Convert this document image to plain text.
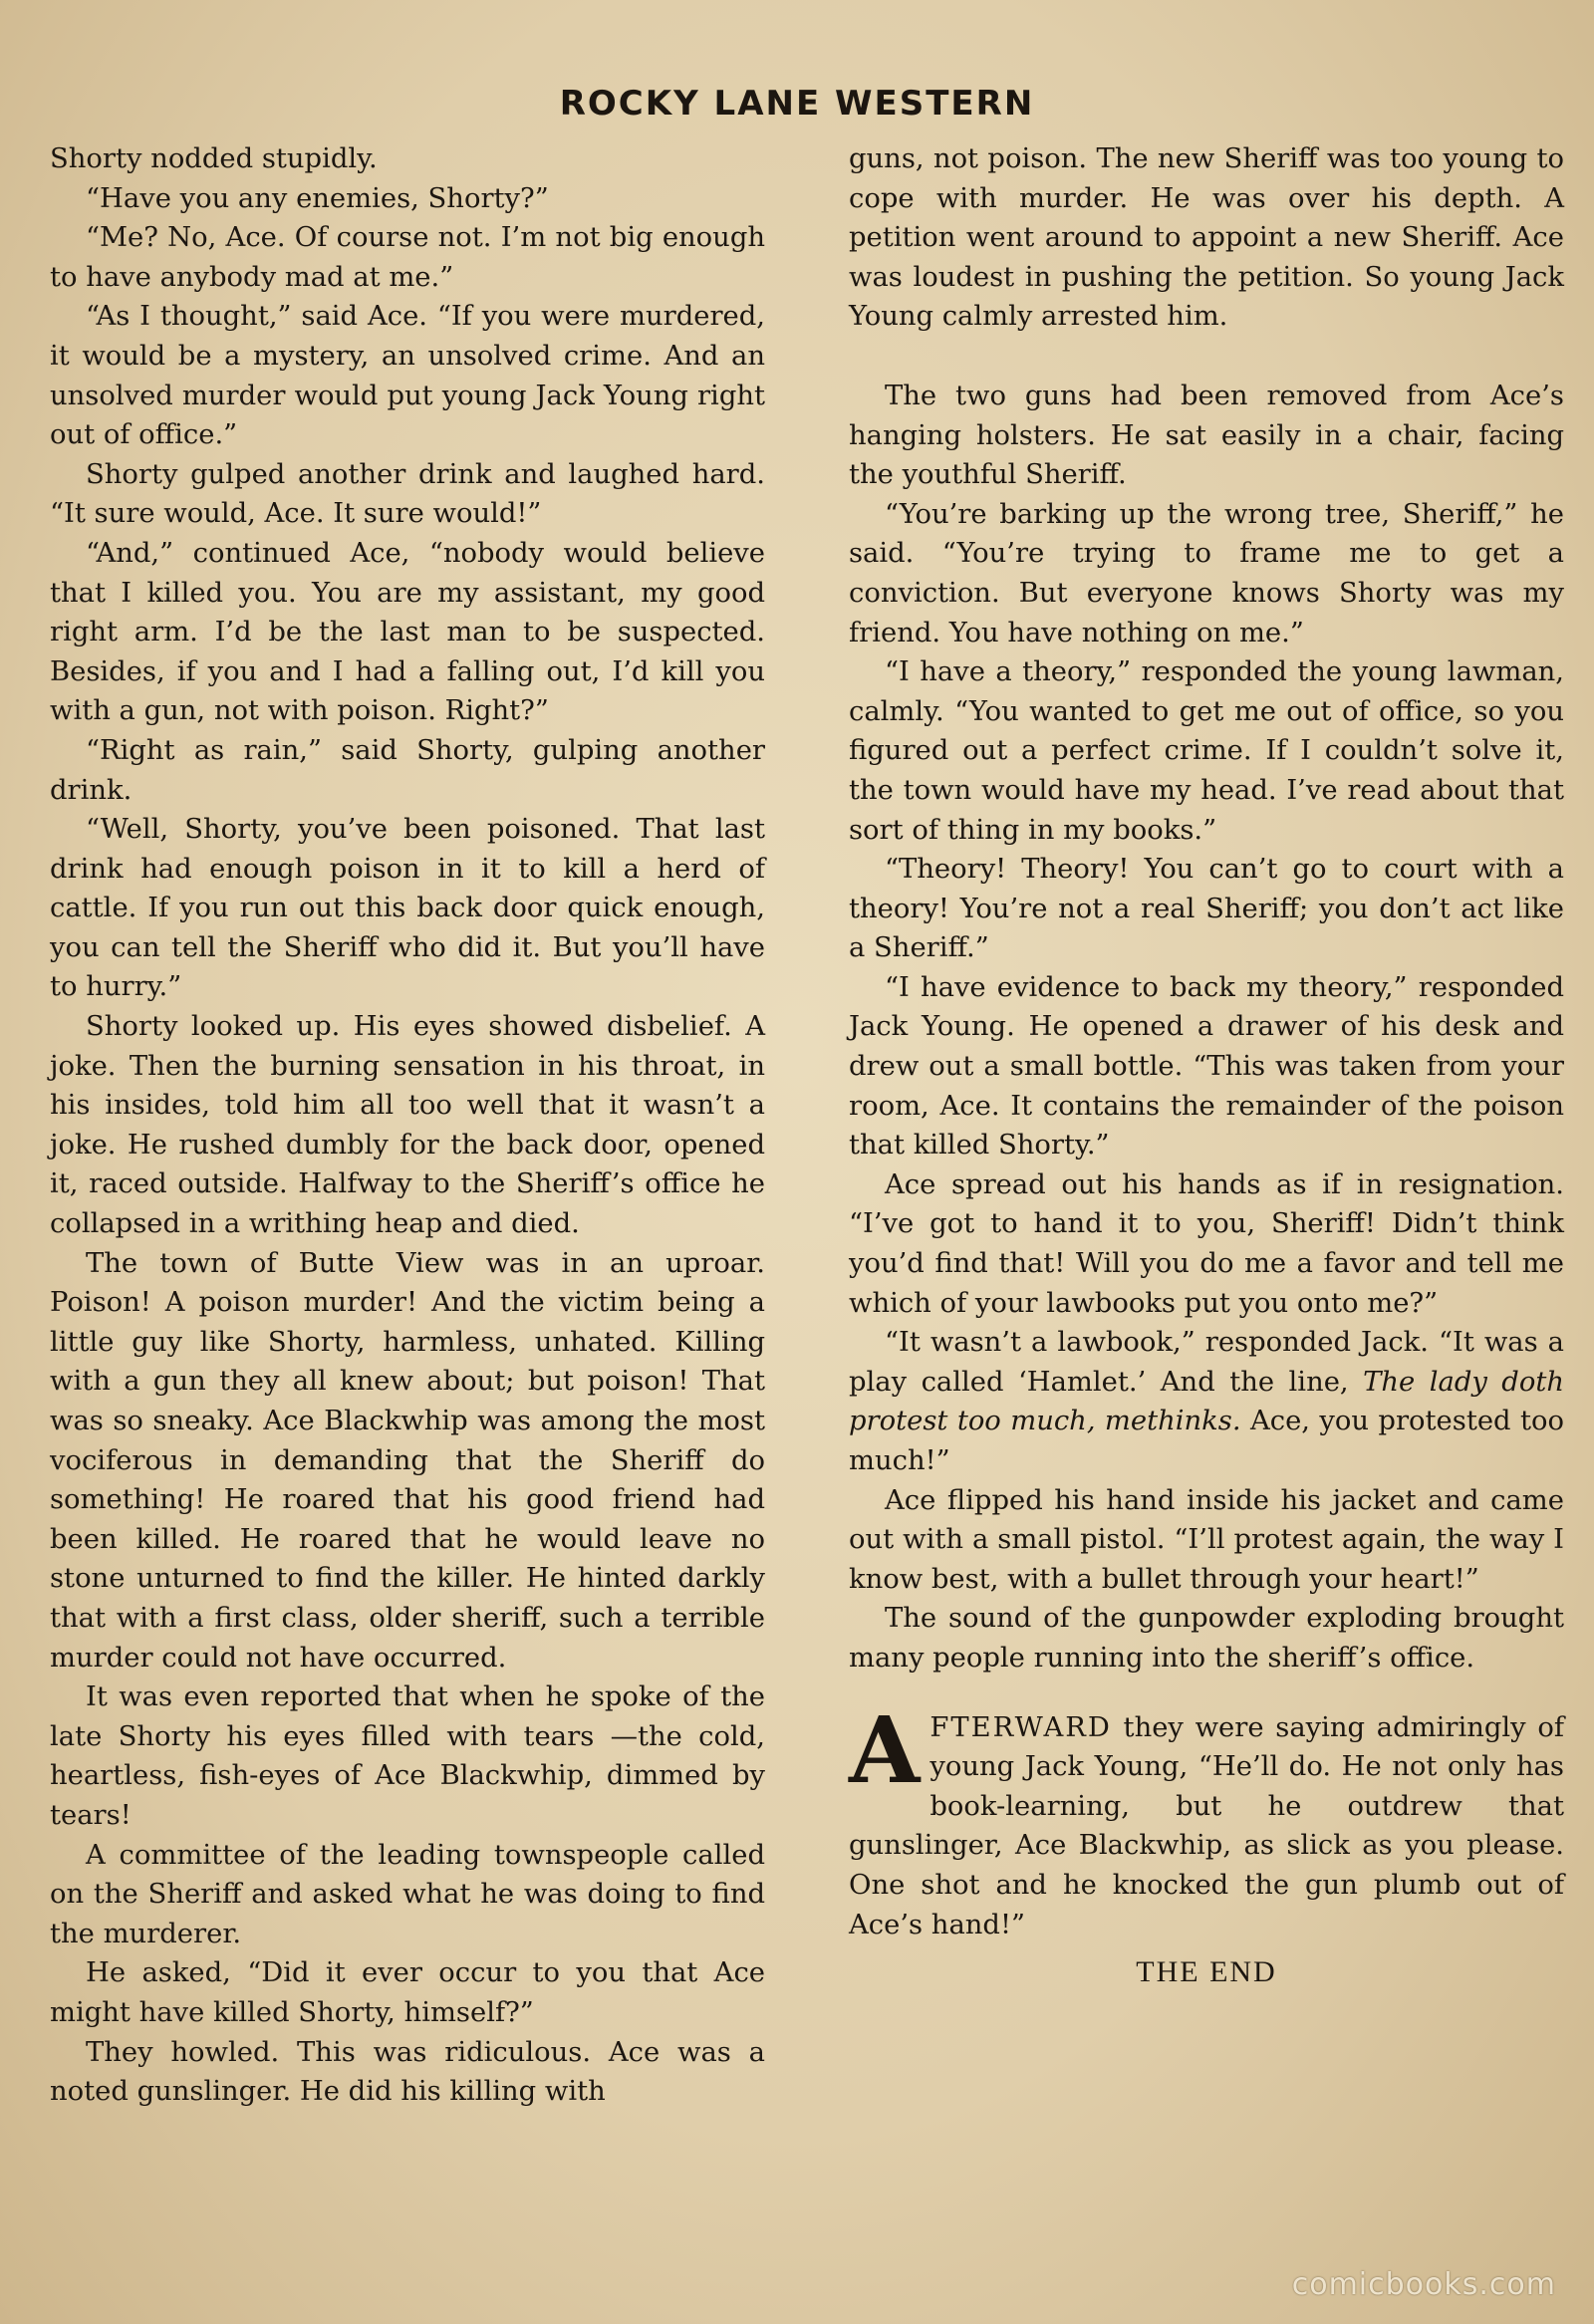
ROCKY LANE WESTERN

Shorty nodded stupidly.

“Have you any enemies, Shorty?”

“Me? No, Ace. Of course not. I’m not big enough to have anybody mad at me.”

“As I thought,” said Ace. “If you were murdered, it would be a mystery, an unsolved crime. And an unsolved murder would put young Jack Young right out of office.”

Shorty gulped another drink and laughed hard. “It sure would, Ace. It sure would!”

“And,” continued Ace, “nobody would believe that I killed you. You are my assistant, my good right arm. I’d be the last man to be suspected. Besides, if you and I had a falling out, I’d kill you with a gun, not with poison. Right?”

“Right as rain,” said Shorty, gulping another drink.

“Well, Shorty, you’ve been poisoned. That last drink had enough poison in it to kill a herd of cattle. If you run out this back door quick enough, you can tell the Sheriff who did it. But you’ll have to hurry.”

Shorty looked up. His eyes showed disbelief. A joke. Then the burning sensation in his throat, in his insides, told him all too well that it wasn’t a joke. He rushed dumbly for the back door, opened it, raced outside. Halfway to the Sheriff’s office he collapsed in a writhing heap and died.

The town of Butte View was in an uproar. Poison! A poison murder! And the victim being a little guy like Shorty, harmless, unhated. Killing with a gun they all knew about; but poison! That was so sneaky. Ace Blackwhip was among the most vociferous in demanding that the Sheriff do something! He roared that his good friend had been killed. He roared that he would leave no stone unturned to find the killer. He hinted darkly that with a first class, older sheriff, such a terrible murder could not have occurred.

It was even reported that when he spoke of the late Shorty his eyes filled with tears —the cold, heartless, fish-eyes of Ace Blackwhip, dimmed by tears!

A committee of the leading townspeople called on the Sheriff and asked what he was doing to find the murderer.

He asked, “Did it ever occur to you that Ace might have killed Shorty, himself?”

They howled. This was ridiculous. Ace was a noted gunslinger. He did his killing with

guns, not poison. The new Sheriff was too young to cope with murder. He was over his depth. A petition went around to appoint a new Sheriff. Ace was loudest in pushing the petition. So young Jack Young calmly arrested him.

The two guns had been removed from Ace’s hanging holsters. He sat easily in a chair, facing the youthful Sheriff.

“You’re barking up the wrong tree, Sheriff,” he said. “You’re trying to frame me to get a conviction. But everyone knows Shorty was my friend. You have nothing on me.”

“I have a theory,” responded the young lawman, calmly. “You wanted to get me out of office, so you figured out a perfect crime. If I couldn’t solve it, the town would have my head. I’ve read about that sort of thing in my books.”

“Theory! Theory! You can’t go to court with a theory! You’re not a real Sheriff; you don’t act like a Sheriff.”

“I have evidence to back my theory,” responded Jack Young. He opened a drawer of his desk and drew out a small bottle. “This was taken from your room, Ace. It contains the remainder of the poison that killed Shorty.”

Ace spread out his hands as if in resignation. “I’ve got to hand it to you, Sheriff! Didn’t think you’d find that! Will you do me a favor and tell me which of your lawbooks put you onto me?”

“It wasn’t a lawbook,” responded Jack. “It was a play called ‘Hamlet.’ And the line, The lady doth protest too much, methinks. Ace, you protested too much!”

Ace flipped his hand inside his jacket and came out with a small pistol. “I’ll protest again, the way I know best, with a bullet through your heart!”

The sound of the gunpowder exploding brought many people running into the sheriff’s office.

AFTERWARD they were saying admiringly of young Jack Young, “He’ll do. He not only has book-learning, but he outdrew that gunslinger, Ace Blackwhip, as slick as you please. One shot and he knocked the gun plumb out of Ace’s hand!”

THE END
comicbooks.com
